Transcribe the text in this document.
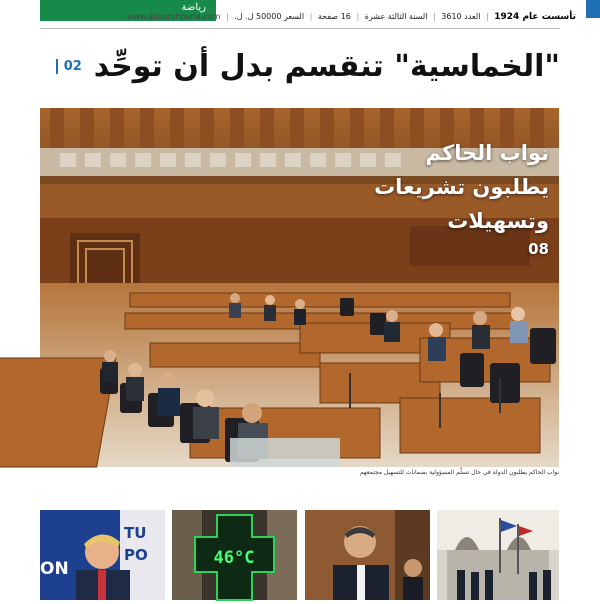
رياضة
تأسست عام 1924 | العدد 3610 | السنة الثالثة عشرة | 16 صفحة | السعر 50000 ل. ل. | www.aljoumhouria.com
"الخماسية" تنقسم بدل أن توحِّد
02
نواب الحاكم
يطلبون تشريعات
وتسهيلات
08
نواب الحاكم يطلبون الدولة في حال تسلّم المسؤولية بضمانات للتسهيل مجتمعهم
TU
PO
ON
46°C
